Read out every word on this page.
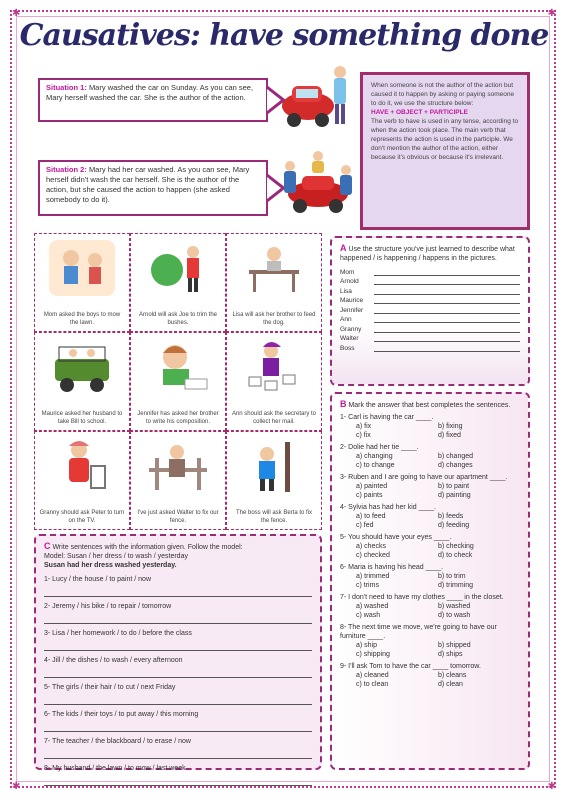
✱	✱
✱	✱
Causatives: have something done
Situation 1: Mary washed the car on Sunday. As you can see, Mary herself washed the car. She is the author of the action.
Situation 2: Mary had her car washed. As you can see, Mary herself didn't wash the car herself. She is the author of the action, but she caused the action to happen (she asked somebody to do it).
When someone is not the author of the action but caused it to happen by asking or paying someone to do it, we use the structure below:
HAVE + OBJECT + PARTICIPLE
The verb to have is used in any tense, according to when the action took place. The main verb that represents the action is used in the participle. We don't mention the author of the action, either because it's obvious or because it's irrelevant.
Mom asked the boys to mow the lawn.
Arnold will ask Joe to trim the bushes.
Lisa will ask her brother to feed the dog.
Maurice asked her husband to take Bill to school.
Jennifer has asked her brother to write his composition.
Ann should ask the secretary to collect her mail.
Granny should ask Peter to turn on the TV.
I've just asked Walter to fix our fence.
The boss will ask Berta to fix the fence.
A Use the structure you've just learned to describe what happened / is happening / happens in the pictures.
Mom
Arnold
Lisa
Maurice
Jennifer
Ann
Granny
Walter
Boss
B Mark the answer that best completes the sentences.
1- Carl is having the car ____.
a) fix	b) fixing
c) fix	d) fixed
2- Dolie had her tie ____.
a) changing	b) changed
c) to change	d) changes
3- Ruben and I are going to have our apartment ____.
a) painted	b) to paint
c) paints	d) painting
4- Sylvia has had her kid ____.
a) to feed	b) feeds
c) fed	d) feeding
5- You should have your eyes ____.
a) checks	b) checking
c) checked	d) to check
6- Maria is having his head ____.
a) trimmed	b) to trim
c) trims	d) trimming
7- I don't need to have my clothes ____ in the closet.
a) washed	b) washed
c) wash	d) to wash
8- The next time we move, we're going to have our furniture ____.
a) ship	b) shipped
c) shipping	d) ships
9- I'll ask Tom to have the car ____ tomorrow.
a) cleaned	b) cleans
c) to clean	d) clean
C Write sentences with the information given. Follow the model:
Model: Susan / her dress / to wash / yesterday
Susan had her dress washed yesterday.
1- Lucy / the house / to paint / now
2- Jeremy / his bike / to repair / tomorrow
3- Lisa / her homework / to do / before the class
4- Jill / the dishes / to wash / every afternoon
5- The girls / their hair / to cut / next Friday
6- The kids / their toys / to put away / this morning
7- The teacher / the blackboard / to erase / now
8- My husband / the lawn / to mow / last week
